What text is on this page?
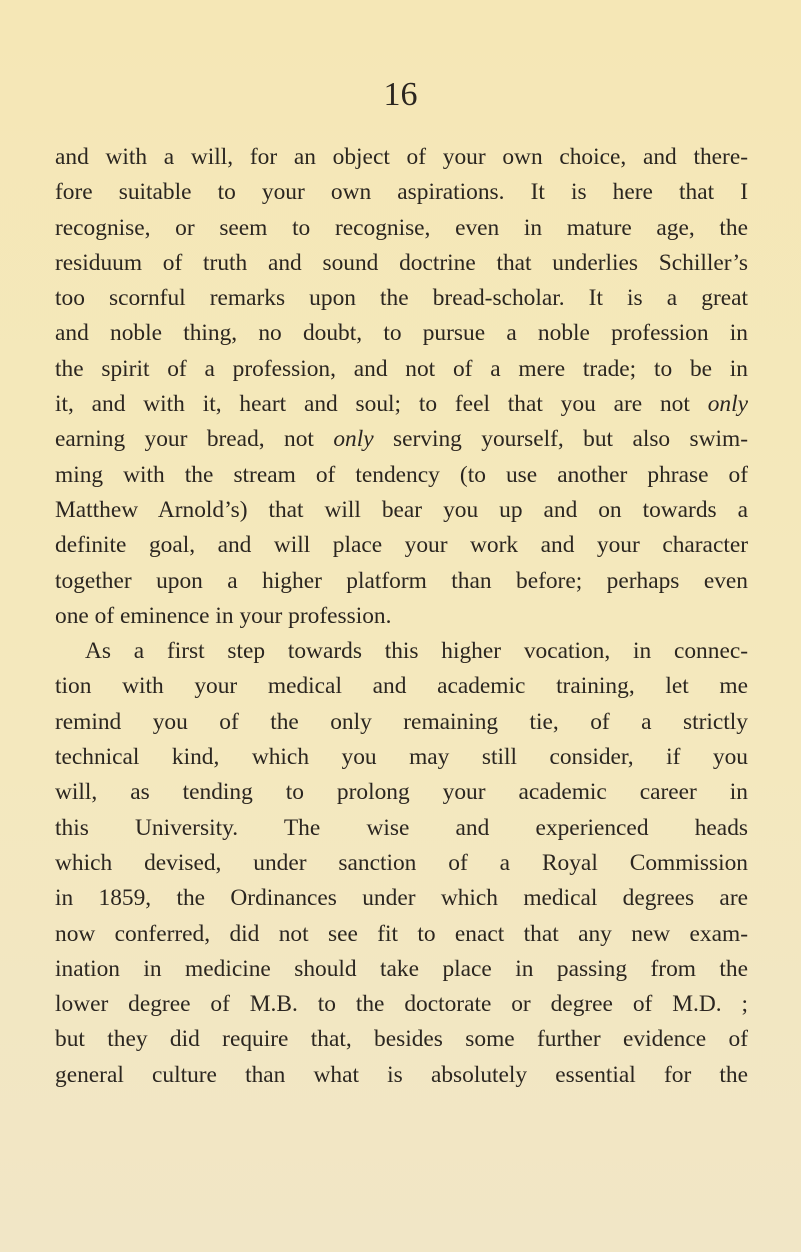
16
and with a will, for an object of your own choice, and there-
fore suitable to your own aspirations. It is here that I
recognise, or seem to recognise, even in mature age, the
residuum of truth and sound doctrine that underlies Schiller’s
too scornful remarks upon the bread-scholar. It is a great
and noble thing, no doubt, to pursue a noble profession in
the spirit of a profession, and not of a mere trade; to be in
it, and with it, heart and soul; to feel that you are not only
earning your bread, not only serving yourself, but also swim-
ming with the stream of tendency (to use another phrase of
Matthew Arnold’s) that will bear you up and on towards a
definite goal, and will place your work and your character
together upon a higher platform than before; perhaps even
one of eminence in your profession.
As a first step towards this higher vocation, in connec-
tion with your medical and academic training, let me
remind you of the only remaining tie, of a strictly
technical kind, which you may still consider, if you
will, as tending to prolong your academic career in
this University. The wise and experienced heads
which devised, under sanction of a Royal Commission
in 1859, the Ordinances under which medical degrees are
now conferred, did not see fit to enact that any new exam-
ination in medicine should take place in passing from the
lower degree of M.B. to the doctorate or degree of M.D. ;
but they did require that, besides some further evidence of
general culture than what is absolutely essential for the
